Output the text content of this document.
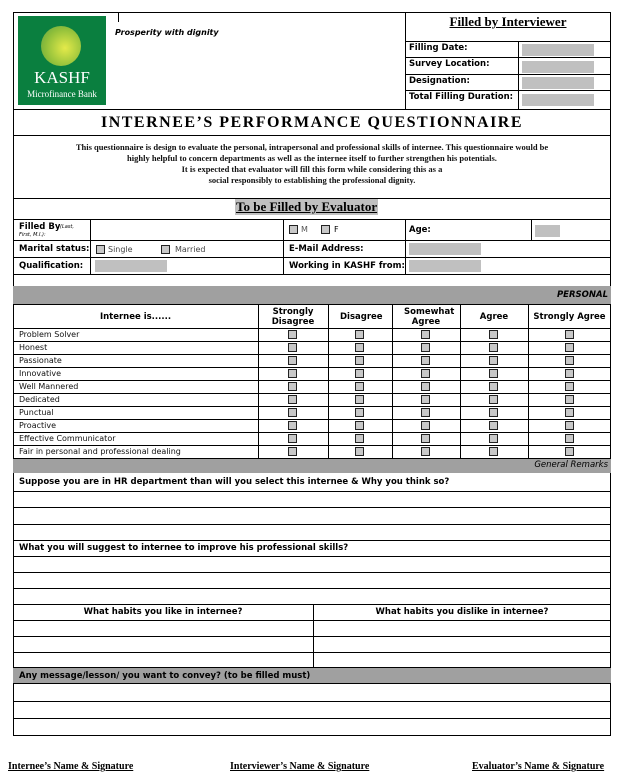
KASHF
Microfinance Bank
Prosperity with dignity
Filled by Interviewer
Filling Date:
Survey Location:
Designation:
Total Filling Duration:
INTERNEE’S PERFORMANCE QUESTIONNAIRE
This questionnaire is design to evaluate the personal, intrapersonal and professional skills of internee. This questionnaire would be
highly helpful to concern departments as well as the internee itself to further strengthen his potentials.
It is expected that evaluator will fill this form while considering this as a
social responsibly to establishing the professional dignity.
To be Filled by Evaluator
Filled By (Last,
First, M.I.):
M	F	Age:
Marital status: Single	Married	E-Mail Address:
Qualification:	Working in KASHF from:
PERSONAL
Internee is......	Strongly Disagree	Disagree	Somewhat Agree	Agree	Strongly Agree
Problem Solver
Honest
Passionate
Innovative
Well Mannered
Dedicated
Punctual
Proactive
Effective Communicator
Fair in personal and professional dealing
General Remarks
Suppose you are in HR department than will you select this internee & Why you think so?
What you will suggest to internee to improve his professional skills?
What habits you like in internee?	What habits you dislike in internee?
Any message/lesson/ you want to convey? (to be filled must)
Internee’s Name & Signature	Interviewer’s Name & Signature	Evaluator’s Name & Signature
